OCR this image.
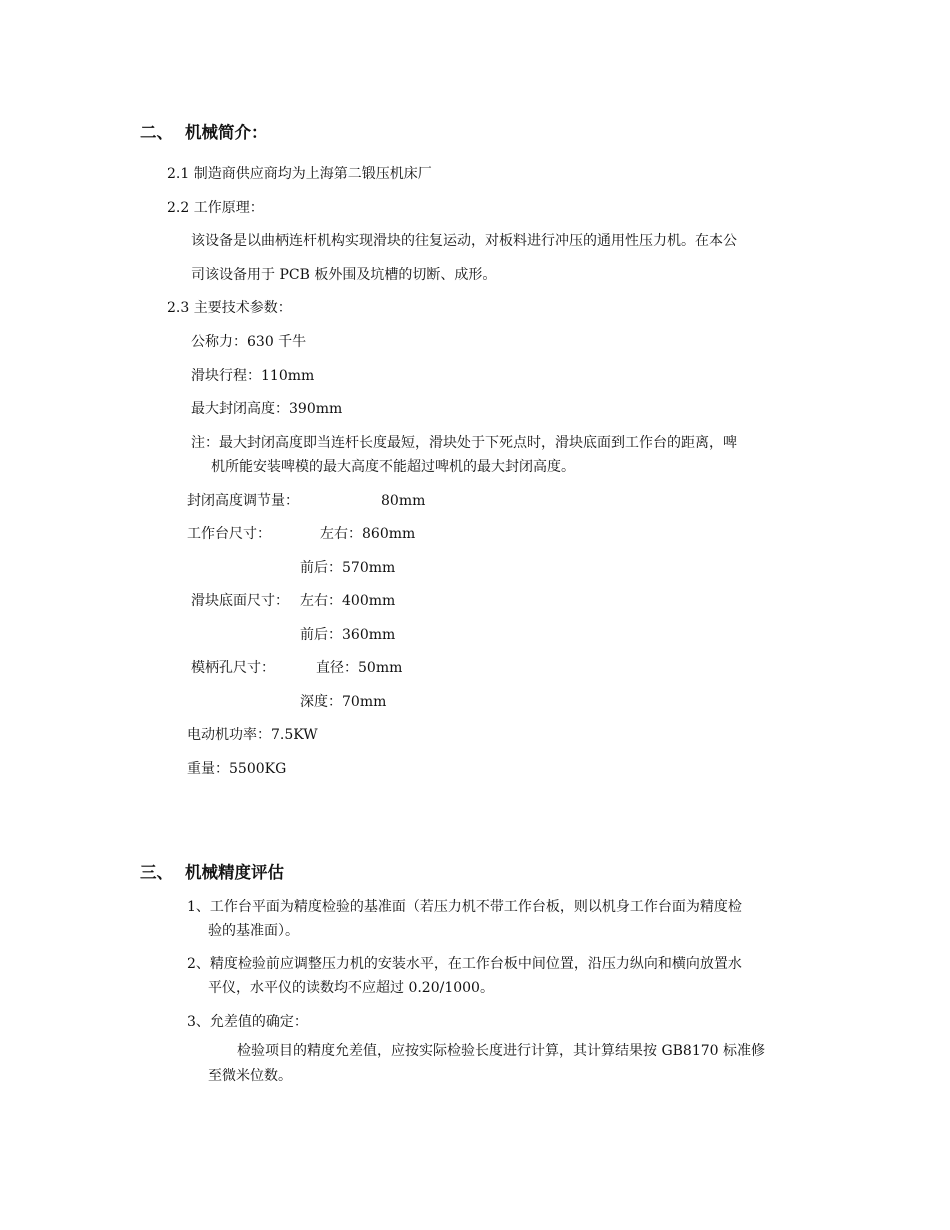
二、 机械简介：
2.1 制造商供应商均为上海第二锻压机床厂
2.2 工作原理：
该设备是以曲柄连杆机构实现滑块的往复运动，对板料进行冲压的通用性压力机。在本公
司该设备用于 PCB 板外围及坑槽的切断、成形。
2.3 主要技术参数：
公称力：630 千牛
滑块行程：110mm
最大封闭高度：390mm
注：最大封闭高度即当连杆长度最短，滑块处于下死点时，滑块底面到工作台的距离，啤
机所能安装啤模的最大高度不能超过啤机的最大封闭高度。
封闭高度调节量：	80mm
工作台尺寸：	左右：860mm
前后：570mm
滑块底面尺寸： 左右：400mm
前后：360mm
模柄孔尺寸：	直径：50mm
深度：70mm
电动机功率：7.5KW
重量：5500KG
三、 机械精度评估
1、工作台平面为精度检验的基准面（若压力机不带工作台板，则以机身工作台面为精度检
验的基准面）。
2、精度检验前应调整压力机的安装水平，在工作台板中间位置，沿压力纵向和横向放置水
平仪，水平仪的读数均不应超过 0.20/1000。
3、允差值的确定：
检验项目的精度允差值，应按实际检验长度进行计算，其计算结果按 GB8170 标准修
至微米位数。
